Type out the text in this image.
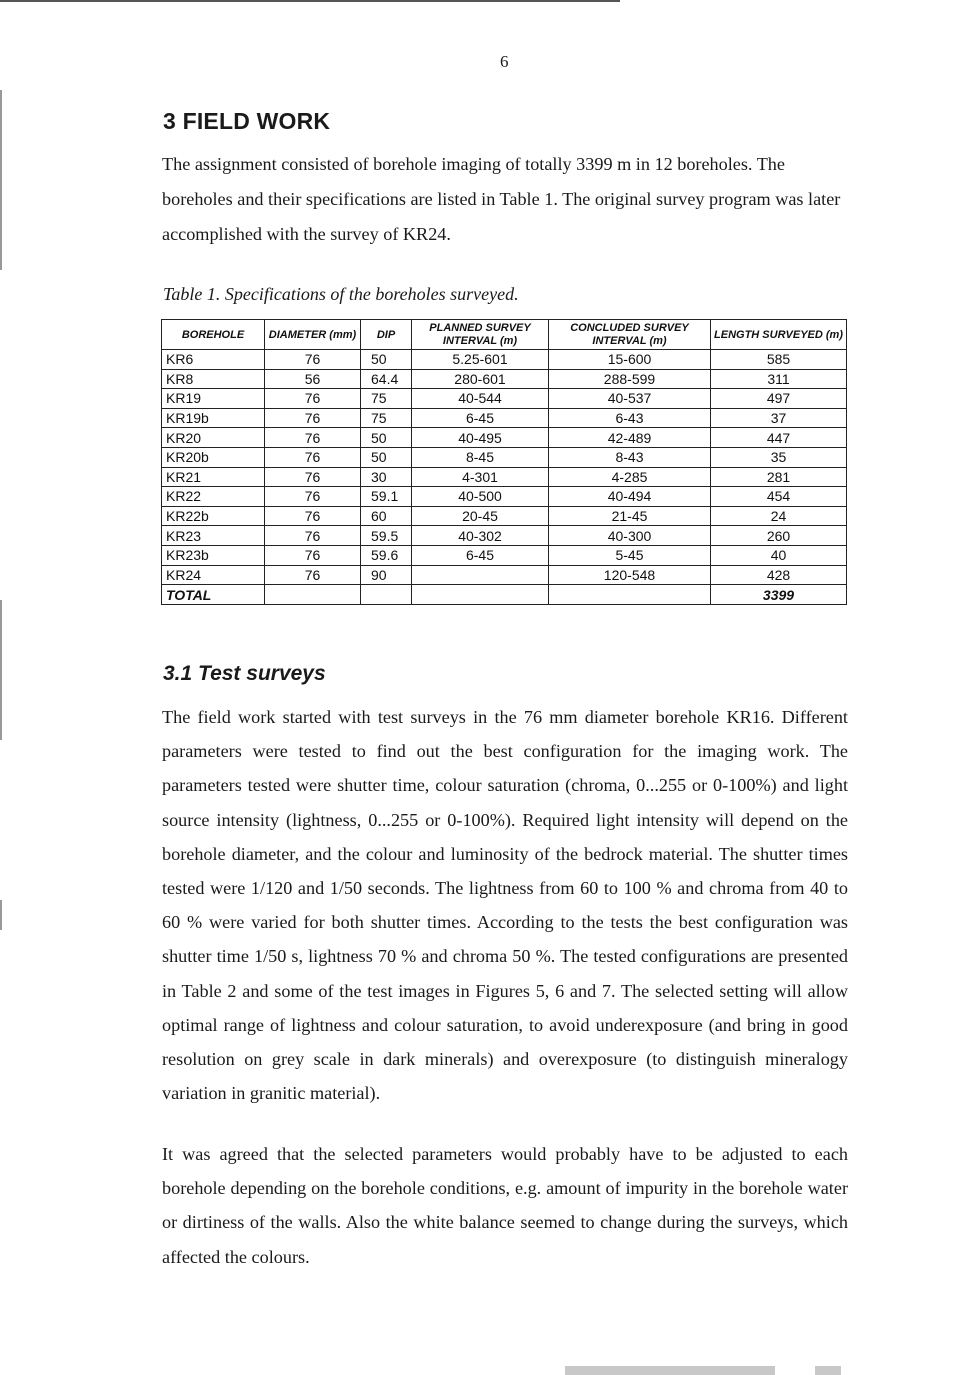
6
3 FIELD WORK

The assignment consisted of borehole imaging of totally 3399 m in 12 boreholes. The boreholes and their specifications are listed in Table 1. The original survey program was later accomplished with the survey of KR24.

Table 1. Specifications of the boreholes surveyed.

BOREHOLE	DIAMETER (mm)	DIP	PLANNED SURVEY INTERVAL (m)	CONCLUDED SURVEY INTERVAL (m)	LENGTH SURVEYED (m)
KR6	76	50	5.25-601	15-600	585
KR8	56	64.4	280-601	288-599	311
KR19	76	75	40-544	40-537	497
KR19b	76	75	6-45	6-43	37
KR20	76	50	40-495	42-489	447
KR20b	76	50	8-45	8-43	35
KR21	76	30	4-301	4-285	281
KR22	76	59.1	40-500	40-494	454
KR22b	76	60	20-45	21-45	24
KR23	76	59.5	40-302	40-300	260
KR23b	76	59.6	6-45	5-45	40
KR24	76	90		120-548	428
TOTAL					3399
3.1 Test surveys

The field work started with test surveys in the 76 mm diameter borehole KR16. Different parameters were tested to find out the best configuration for the imaging work. The parameters tested were shutter time, colour saturation (chroma, 0...255 or 0-100%) and light source intensity (lightness, 0...255 or 0-100%). Required light intensity will depend on the borehole diameter, and the colour and luminosity of the bedrock material. The shutter times tested were 1/120 and 1/50 seconds. The lightness from 60 to 100 % and chroma from 40 to 60 % were varied for both shutter times. According to the tests the best configuration was shutter time 1/50 s, lightness 70 % and chroma 50 %. The tested configurations are presented in Table 2 and some of the test images in Figures 5, 6 and 7. The selected setting will allow optimal range of lightness and colour saturation, to avoid underexposure (and bring in good resolution on grey scale in dark minerals) and overexposure (to distinguish mineralogy variation in granitic material).

It was agreed that the selected parameters would probably have to be adjusted to each borehole depending on the borehole conditions, e.g. amount of impurity in the borehole water or dirtiness of the walls. Also the white balance seemed to change during the surveys, which affected the colours.
